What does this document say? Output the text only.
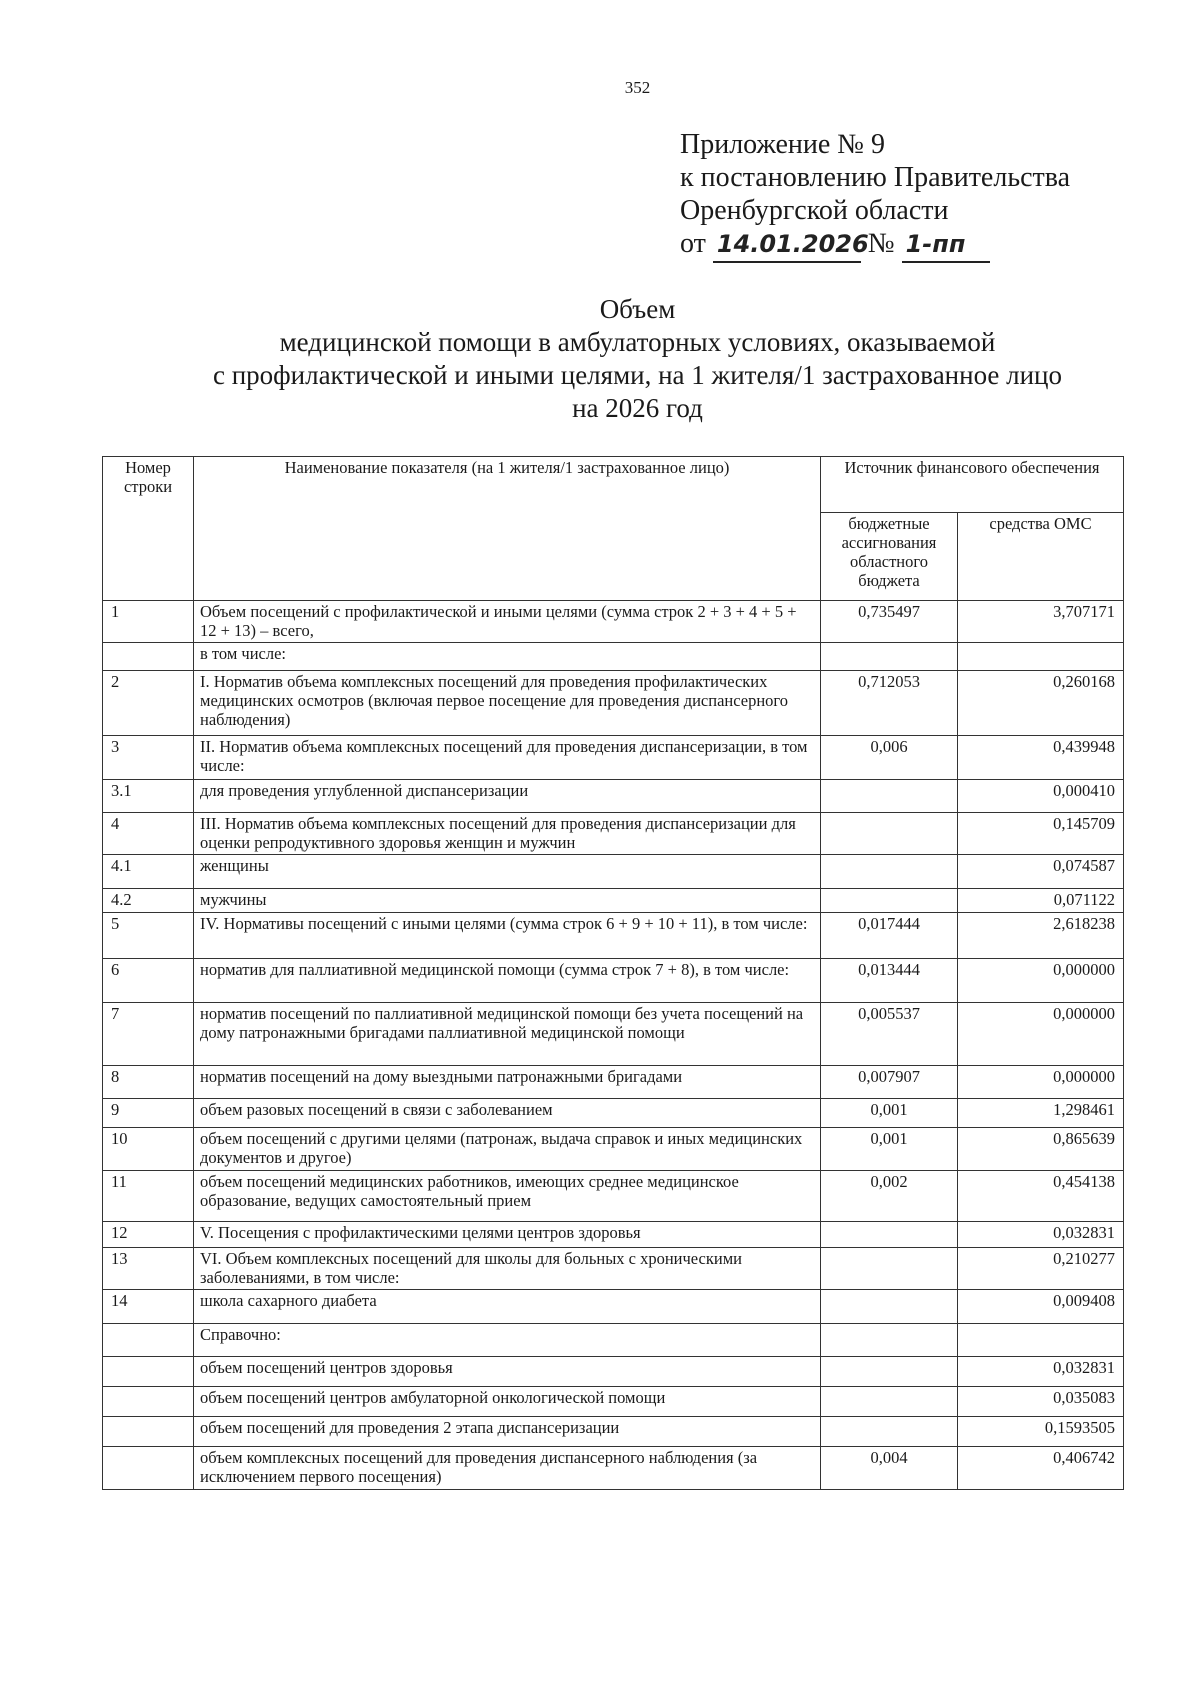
352
Приложение № 9
к постановлению Правительства
Оренбургской области
от 14.01.2026 № 1-пп
Объем
медицинской помощи в амбулаторных условиях, оказываемой
с профилактической и иными целями, на 1 жителя/1 застрахованное лицо
на 2026 год
Номер строки	Наименование показателя (на 1 жителя/1 застрахованное лицо)	Источник финансового обеспечения	
		бюджетные ассигнования областного бюджета	средства ОМС
1	Объем посещений с профилактической и иными целями (сумма строк 2 + 3 + 4 + 5 + 12 + 13) – всего,	0,735497	3,707171
	в том числе:		
2	I. Норматив объема комплексных посещений для проведения профилактических медицинских осмотров (включая первое посещение для проведения диспансерного наблюдения)	0,712053	0,260168
3	II. Норматив объема комплексных посещений для проведения диспансеризации, в том числе:	0,006	0,439948
3.1	для проведения углубленной диспансеризации		0,000410
4	III. Норматив объема комплексных посещений для проведения диспансеризации для оценки репродуктивного здоровья женщин и мужчин		0,145709
4.1	женщины		0,074587
4.2	мужчины		0,071122
5	IV. Нормативы посещений с иными целями (сумма строк 6 + 9 + 10 + 11), в том числе:	0,017444	2,618238
6	норматив для паллиативной медицинской помощи (сумма строк 7 + 8), в том числе:	0,013444	0,000000
7	норматив посещений по паллиативной медицинской помощи без учета посещений на дому патронажными бригадами паллиативной медицинской помощи	0,005537	0,000000
8	норматив посещений на дому выездными патронажными бригадами	0,007907	0,000000
9	объем разовых посещений в связи с заболеванием	0,001	1,298461
10	объем посещений с другими целями (патронаж, выдача справок и иных медицинских документов и другое)	0,001	0,865639
11	объем посещений медицинских работников, имеющих среднее медицинское образование, ведущих самостоятельный прием	0,002	0,454138
12	V. Посещения с профилактическими целями центров здоровья		0,032831
13	VI. Объем комплексных посещений для школы для больных с хроническими заболеваниями, в том числе:		0,210277
14	школа сахарного диабета		0,009408
	Справочно:		
	объем посещений центров здоровья		0,032831
	объем посещений центров амбулаторной онкологической помощи		0,035083
	объем посещений для проведения 2 этапа диспансеризации		0,1593505
	объем комплексных посещений для проведения диспансерного наблюдения (за исключением первого посещения)	0,004	0,406742
